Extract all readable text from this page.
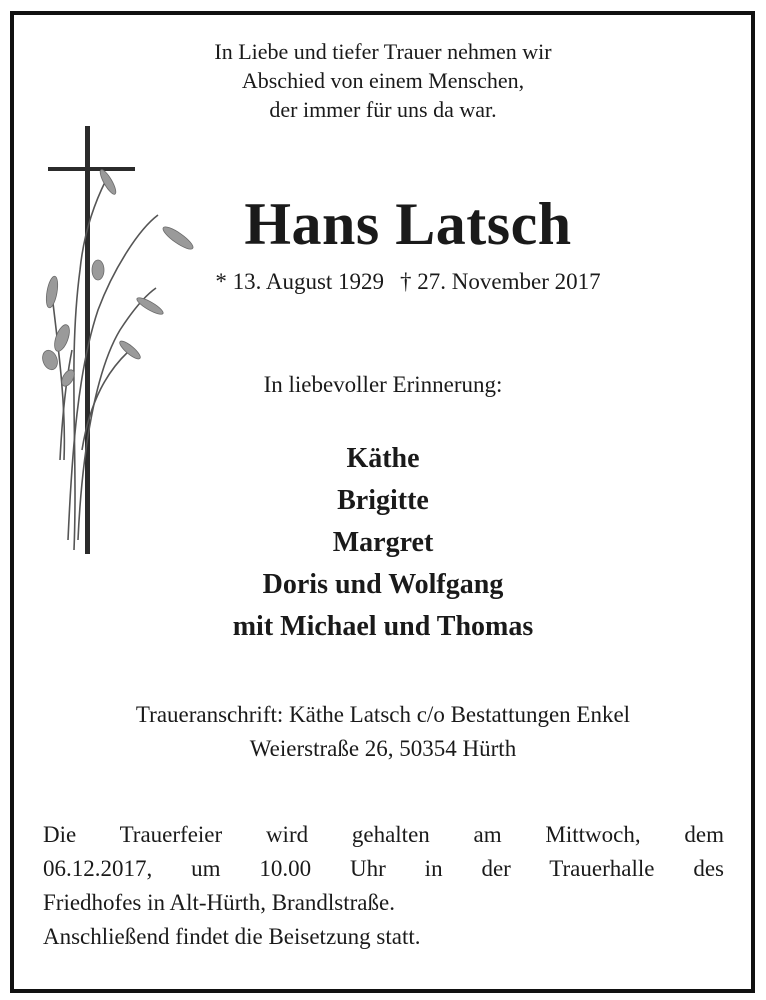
In Liebe und tiefer Trauer nehmen wir
Abschied von einem Menschen,
der immer für uns da war.
Hans Latsch
* 13. August 1929 † 27. November 2017
In liebevoller Erinnerung:
Käthe
Brigitte
Margret
Doris und Wolfgang
mit Michael und Thomas
Traueranschrift: Käthe Latsch c/o Bestattungen Enkel
Weierstraße 26, 50354 Hürth
Die Trauerfeier wird gehalten am Mittwoch, dem
06.12.2017, um 10.00 Uhr in der Trauerhalle des
Friedhofes in Alt-Hürth, Brandlstraße.
Anschließend findet die Beisetzung statt.
